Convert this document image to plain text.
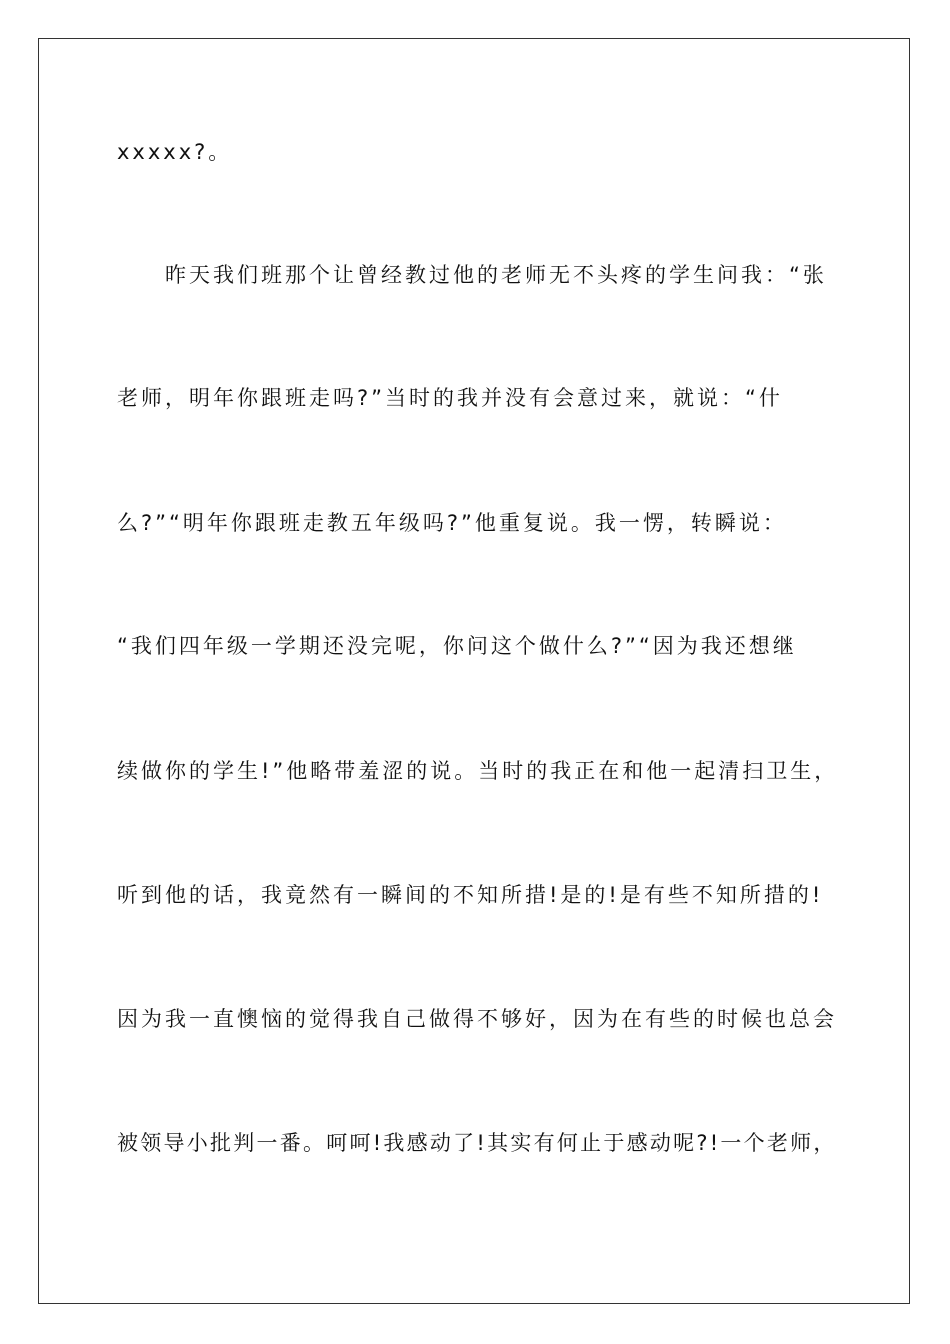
xxxxx?。
　　昨天我们班那个让曾经教过他的老师无不头疼的学生问我：“张
老师，明年你跟班走吗?”当时的我并没有会意过来，就说：“什
么?”“明年你跟班走教五年级吗?”他重复说。我一愣，转瞬说：
“我们四年级一学期还没完呢，你问这个做什么?”“因为我还想继
续做你的学生!”他略带羞涩的说。当时的我正在和他一起清扫卫生，
听到他的话，我竟然有一瞬间的不知所措!是的!是有些不知所措的!
因为我一直懊恼的觉得我自己做得不够好，因为在有些的时候也总会
被领导小批判一番。呵呵!我感动了!其实有何止于感动呢?!一个老师，
